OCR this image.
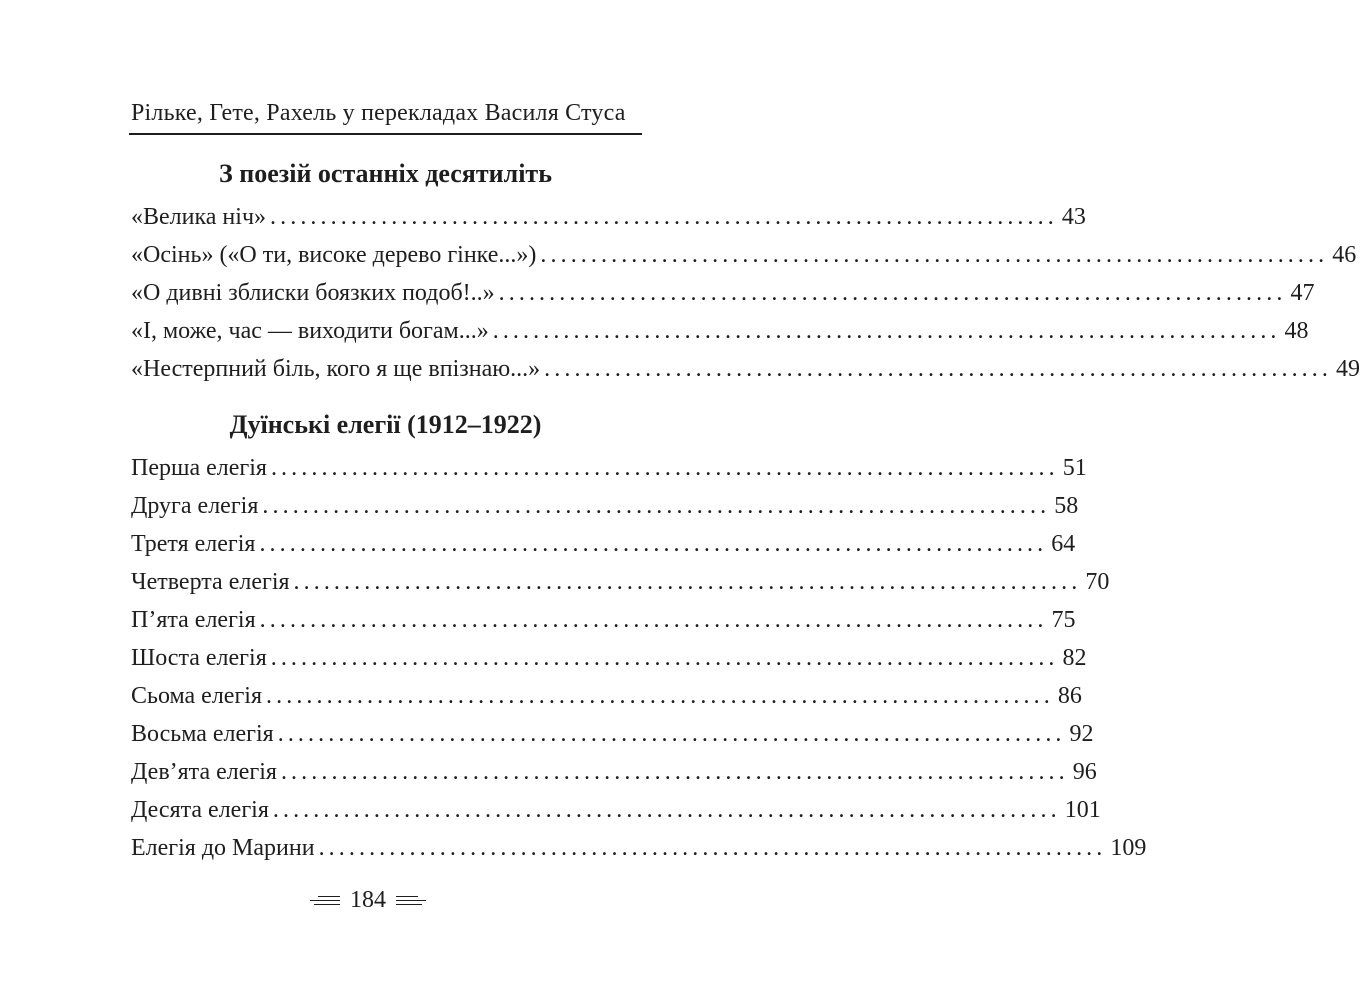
Рільке, Гете, Рахель у перекладах Василя Стуса
З поезій останніх десятиліть
«Велика ніч» .............................................................................. 43
«Осінь» («О ти, високе дерево гінке...») .............................................................................. 46
«О дивні зблиски боязких подоб!..» .............................................................................. 47
«І, може, час — виходити богам...» .............................................................................. 48
«Нестерпний біль, кого я ще впізнаю...» .............................................................................. 49
Дуїнські елегії (1912–1922)
Перша елегія .............................................................................. 51
Друга елегія .............................................................................. 58
Третя елегія .............................................................................. 64
Четверта елегія .............................................................................. 70
П’ята елегія .............................................................................. 75
Шоста елегія .............................................................................. 82
Сьома елегія .............................................................................. 86
Восьма елегія .............................................................................. 92
Дев’ята елегія .............................................................................. 96
Десята елегія .............................................................................. 101
Елегія до Марини .............................................................................. 109
184
